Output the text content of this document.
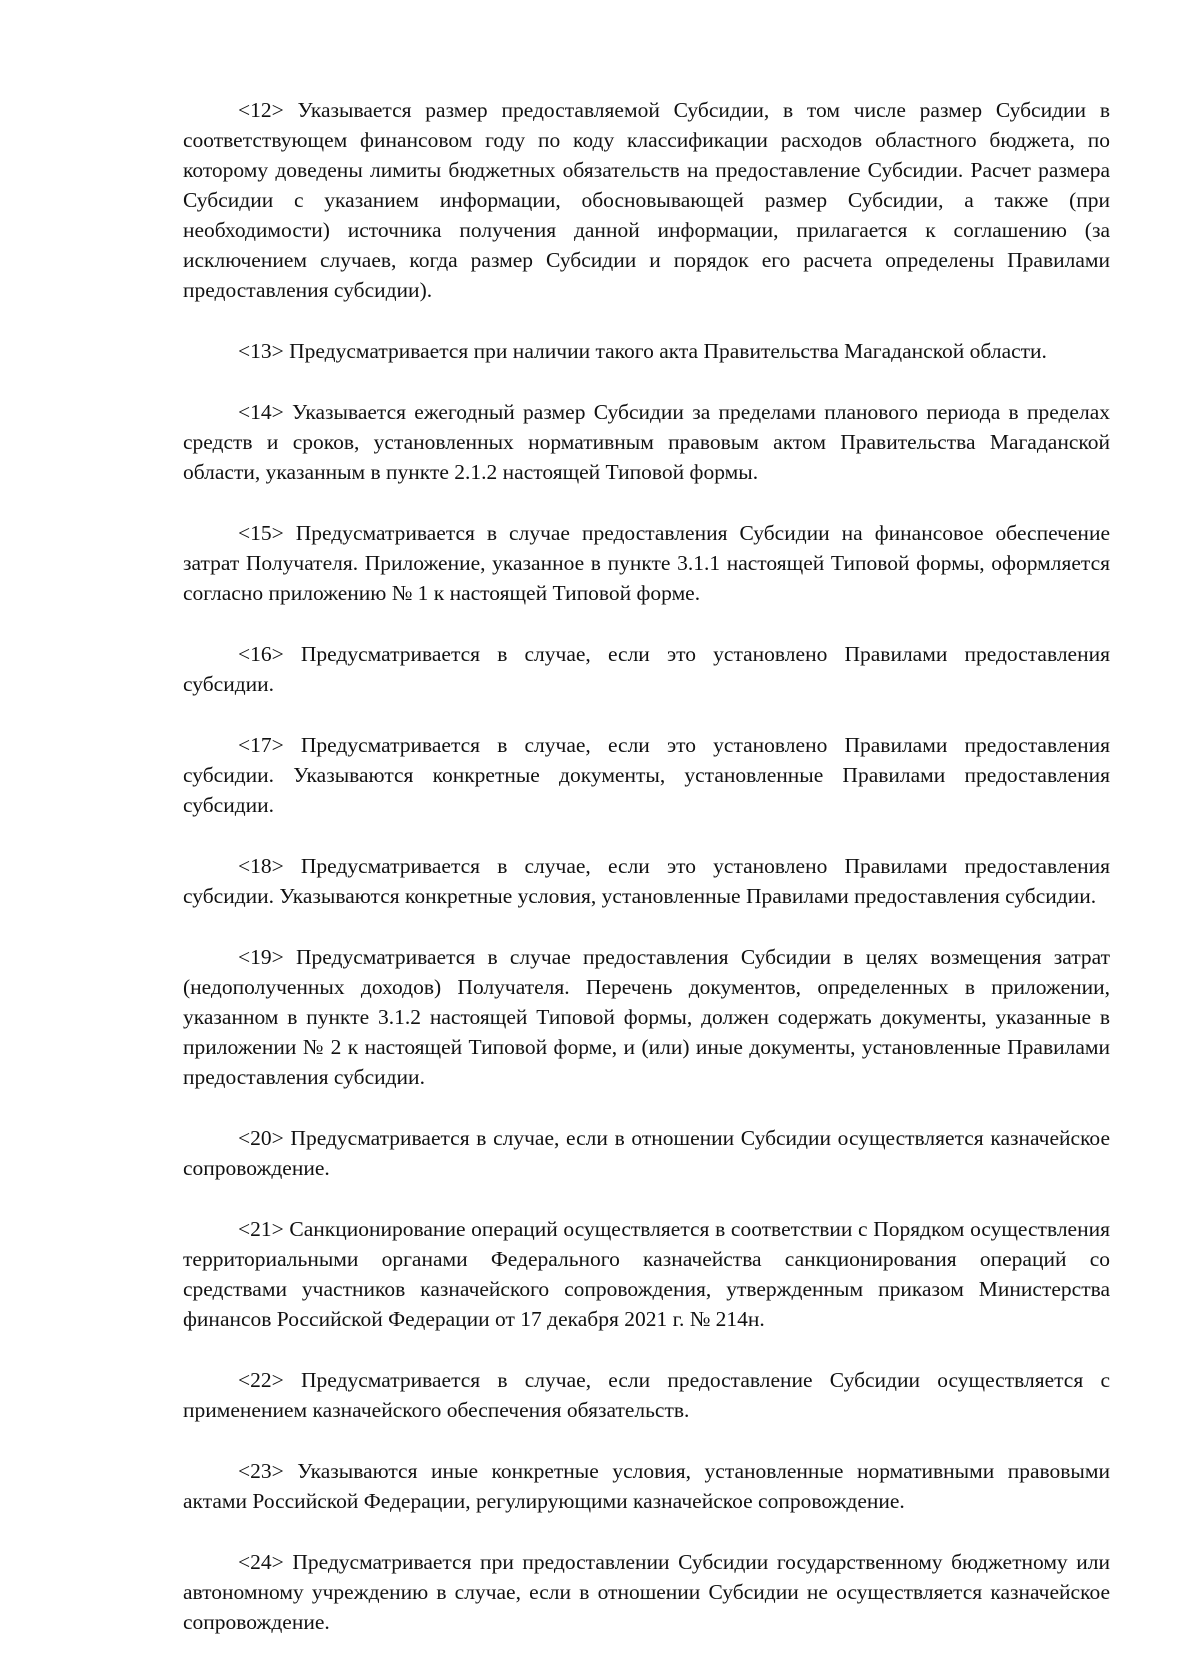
<12> Указывается размер предоставляемой Субсидии, в том числе размер Субсидии в соответствующем финансовом году по коду классификации расходов областного бюджета, по которому доведены лимиты бюджетных обязательств на предоставление Субсидии. Расчет размера Субсидии с указанием информации, обосновывающей размер Субсидии, а также (при необходимости) источника получения данной информации, прилагается к соглашению (за исключением случаев, когда размер Субсидии и порядок его расчета определены Правилами предоставления субсидии).

<13> Предусматривается при наличии такого акта Правительства Магаданской области.

<14> Указывается ежегодный размер Субсидии за пределами планового периода в пределах средств и сроков, установленных нормативным правовым актом Правительства Магаданской области, указанным в пункте 2.1.2 настоящей Типовой формы.

<15> Предусматривается в случае предоставления Субсидии на финансовое обеспечение затрат Получателя. Приложение, указанное в пункте 3.1.1 настоящей Типовой формы, оформляется согласно приложению № 1 к настоящей Типовой форме.

<16> Предусматривается в случае, если это установлено Правилами предоставления субсидии.

<17> Предусматривается в случае, если это установлено Правилами предоставления субсидии. Указываются конкретные документы, установленные Правилами предоставления субсидии.

<18> Предусматривается в случае, если это установлено Правилами предоставления субсидии. Указываются конкретные условия, установленные Правилами предоставления субсидии.

<19> Предусматривается в случае предоставления Субсидии в целях возмещения затрат (недополученных доходов) Получателя. Перечень документов, определенных в приложении, указанном в пункте 3.1.2 настоящей Типовой формы, должен содержать документы, указанные в приложении № 2 к настоящей Типовой форме, и (или) иные документы, установленные Правилами предоставления субсидии.

<20> Предусматривается в случае, если в отношении Субсидии осуществляется казначейское сопровождение.

<21> Санкционирование операций осуществляется в соответствии с Порядком осуществления территориальными органами Федерального казначейства санкционирования операций со средствами участников казначейского сопровождения, утвержденным приказом Министерства финансов Российской Федерации от 17 декабря 2021 г. № 214н.

<22> Предусматривается в случае, если предоставление Субсидии осуществляется с применением казначейского обеспечения обязательств.

<23> Указываются иные конкретные условия, установленные нормативными правовыми актами Российской Федерации, регулирующими казначейское сопровождение.

<24> Предусматривается при предоставлении Субсидии государственному бюджетному или автономному учреждению в случае, если в отношении Субсидии не осуществляется казначейское сопровождение.
